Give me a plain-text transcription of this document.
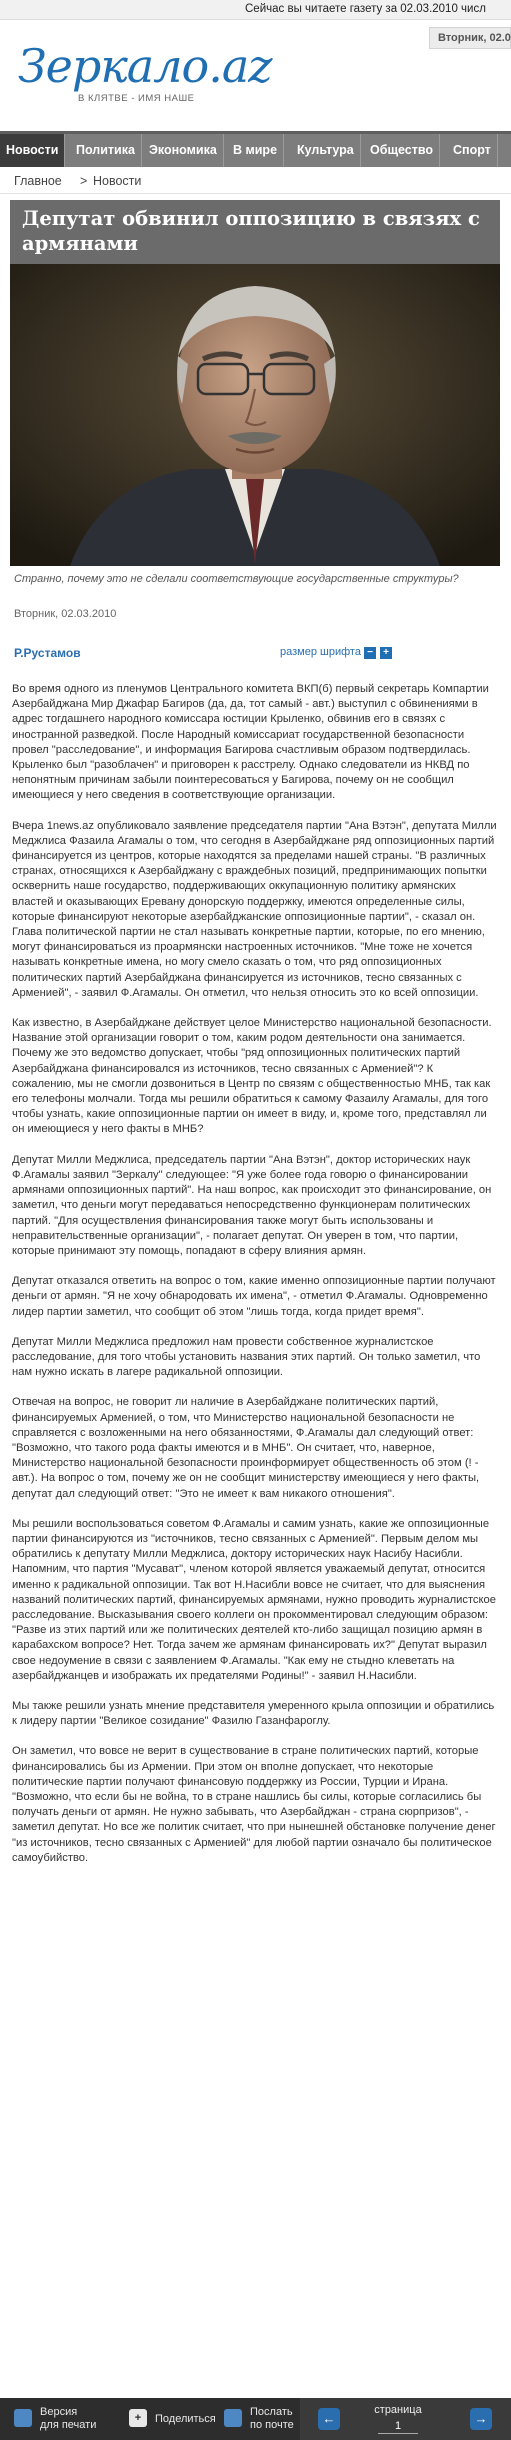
Сейчас вы читаете газету за 02.03.2010 числ
Зеркало.az
В КЛЯТВЕ - ИМЯ НАШЕ
Вторник, 02.0
Новости	Политика	Экономика	В мире	Культура	Общество	Спорт
Главное > Новости
Депутат обвинил оппозицию в связях с армянами
Странно, почему это не сделали соответствующие государственные структуры?
Вторник, 02.03.2010
Р.Рустамов	размер шрифта −	+

Во время одного из пленумов Центрального комитета ВКП(б) первый секретарь Компартии Азербайджана Мир Джафар Багиров (да, да, тот самый - авт.) выступил с обвинениями в адрес тогдашнего народного комиссара юстиции Крыленко, обвинив его в связях с иностранной разведкой. После Народный комиссариат государственной безопасности провел "расследование", и информация Багирова счастливым образом подтвердилась. Крыленко был "разоблачен" и приговорен к расстрелу. Однако следователи из НКВД по непонятным причинам забыли поинтересоваться у Багирова, почему он не сообщил имеющиеся у него сведения в соответствующие организации.

Вчера 1news.az опубликовало заявление председателя партии "Ана Вэтэн", депутата Милли Меджлиса Фазаила Агамалы о том, что сегодня в Азербайджане ряд оппозиционных партий финансируется из центров, которые находятся за пределами нашей страны. "В различных странах, относящихся к Азербайджану с враждебных позиций, предпринимающих попытки осквернить наше государство, поддерживающих оккупационную политику армянских властей и оказывающих Еревану донорскую поддержку, имеются определенные силы, которые финансируют некоторые азербайджанские оппозиционные партии", - сказал он. Глава политической партии не стал называть конкретные партии, которые, по его мнению, могут финансироваться из проармянски настроенных источников. "Мне тоже не хочется называть конкретные имена, но могу смело сказать о том, что ряд оппозиционных политических партий Азербайджана финансируется из источников, тесно связанных с Арменией", - заявил Ф.Агамалы. Он отметил, что нельзя относить это ко всей оппозиции.

Как известно, в Азербайджане действует целое Министерство национальной безопасности. Название этой организации говорит о том, каким родом деятельности она занимается. Почему же это ведомство допускает, чтобы "ряд оппозиционных политических партий Азербайджана финансировался из источников, тесно связанных с Арменией"? К сожалению, мы не смогли дозвониться в Центр по связям с общественностью МНБ, так как его телефоны молчали. Тогда мы решили обратиться к самому Фазаилу Агамалы, для того чтобы узнать, какие оппозиционные партии он имеет в виду, и, кроме того, представлял ли он имеющиеся у него факты в МНБ?

Депутат Милли Меджлиса, председатель партии "Ана Вэтэн", доктор исторических наук Ф.Агамалы заявил "Зеркалу" следующее: "Я уже более года говорю о финансировании армянами оппозиционных партий". На наш вопрос, как происходит это финансирование, он заметил, что деньги могут передаваться непосредственно функционерам политических партий. "Для осуществления финансирования также могут быть использованы и неправительственные организации", - полагает депутат. Он уверен в том, что партии, которые принимают эту помощь, попадают в сферу влияния армян.

Депутат отказался ответить на вопрос о том, какие именно оппозиционные партии получают деньги от армян. "Я не хочу обнародовать их имена", - отметил Ф.Агамалы. Одновременно лидер партии заметил, что сообщит об этом "лишь тогда, когда придет время".

Депутат Милли Меджлиса предложил нам провести собственное журналистское расследование, для того чтобы установить названия этих партий. Он только заметил, что нам нужно искать в лагере радикальной оппозиции.

Отвечая на вопрос, не говорит ли наличие в Азербайджане политических партий, финансируемых Арменией, о том, что Министерство национальной безопасности не справляется с возложенными на него обязанностями, Ф.Агамалы дал следующий ответ: "Возможно, что такого рода факты имеются и в МНБ". Он считает, что, наверное, Министерство национальной безопасности проинформирует общественность об этом (! - авт.). На вопрос о том, почему же он не сообщит министерству имеющиеся у него факты, депутат дал следующий ответ: "Это не имеет к вам никакого отношения".

Мы решили воспользоваться советом Ф.Агамалы и самим узнать, какие же оппозиционные партии финансируются из "источников, тесно связанных с Арменией". Первым делом мы обратились к депутату Милли Меджлиса, доктору исторических наук Насибу Насибли. Напомним, что партия "Мусават", членом которой является уважаемый депутат, относится именно к радикальной оппозиции. Так вот Н.Насибли вовсе не считает, что для выяснения названий политических партий, финансируемых армянами, нужно проводить журналистское расследование. Высказывания своего коллеги он прокомментировал следующим образом: "Разве из этих партий или же политических деятелей кто-либо защищал позицию армян в карабахском вопросе? Нет. Тогда зачем же армянам финансировать их?" Депутат выразил свое недоумение в связи с заявлением Ф.Агамалы. "Как ему не стыдно клеветать на азербайджанцев и изображать их предателями Родины!" - заявил Н.Насибли.

Мы также решили узнать мнение представителя умеренного крыла оппозиции и обратились к лидеру партии "Великое созидание" Фазилю Газанфароглу.

Он заметил, что вовсе не верит в существование в стране политических партий, которые финансировались бы из Армении. При этом он вполне допускает, что некоторые политические партии получают финансовую поддержку из России, Турции и Ирана. "Возможно, что если бы не война, то в стране нашлись бы силы, которые согласились бы получать деньги от армян. Не нужно забывать, что Азербайджан - страна сюрпризов", - заметил депутат. Но все же политик считает, что при нынешней обстановке получение денег "из источников, тесно связанных с Арменией" для любой партии означало бы политическое самоубийство.

Версия
для печати
+	Поделиться
Послать
по почте	←
страница
1	→
